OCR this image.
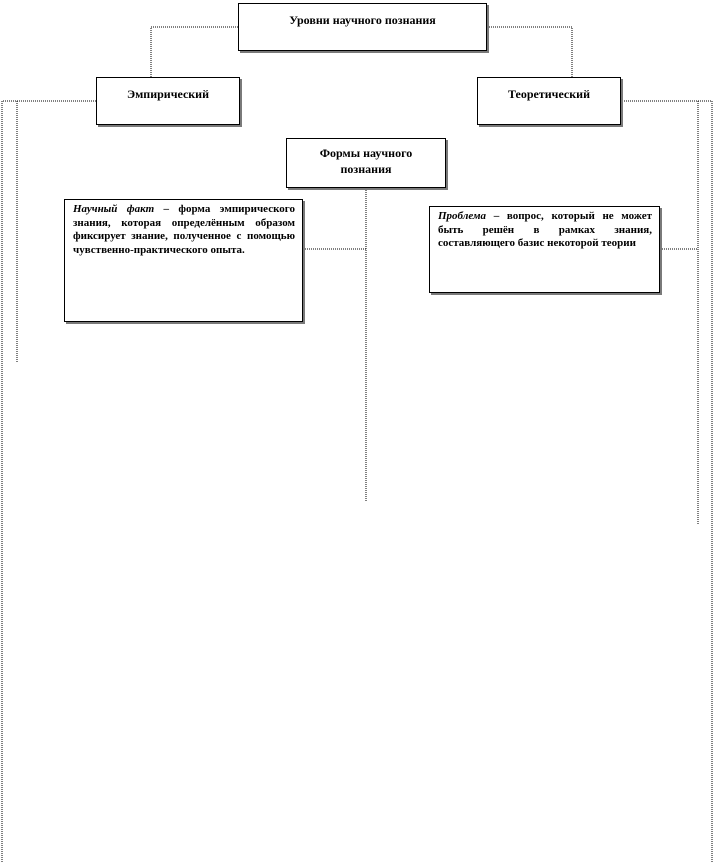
Уровни научного познания
Эмпирический	Теоретический
Формы научного познания
Научный факт – форма эмпирического знания, которая определённым образом фиксирует знание, полученное с помощью чувственно-практического опыта.
Проблема – вопрос, который не может быть решён в рамках знания, составляющего базис некоторой теории
